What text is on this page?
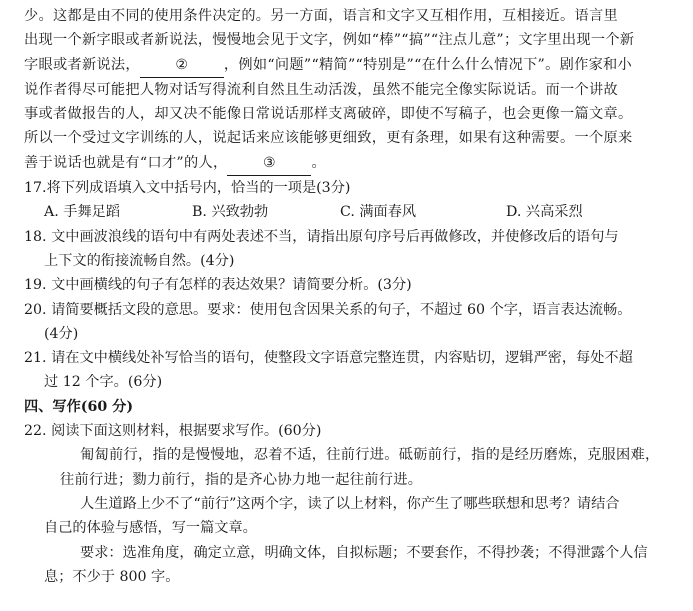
少。这都是由不同的使用条件决定的。另一方面，语言和文字又互相作用，互相接近。语言里
出现一个新字眼或者新说法，慢慢地会见于文字，例如“棒”“搞”“注点儿意”；文字里出现一个新
字眼或者新说法， ② ，例如“问题”“精简”“特别是”“在什么什么情况下”。剧作家和小
说作者得尽可能把人物对话写得流利自然且生动活泼，虽然不能完全像实际说话。而一个讲故
事或者做报告的人，却又决不能像日常说话那样支离破碎，即使不写稿子，也会更像一篇文章。
所以一个受过文字训练的人，说起话来应该能够更细致，更有条理，如果有这种需要。一个原来
善于说话也就是有“口才”的人， ③ 。
17.将下列成语填入文中括号内，恰当的一项是(3分)
A. 手舞足蹈	B. 兴致勃勃	C. 满面春风	D. 兴高采烈
18. 文中画波浪线的语句中有两处表述不当，请指出原句序号后再做修改，并使修改后的语句与
上下文的衔接流畅自然。(4分)
19. 文中画横线的句子有怎样的表达效果？请简要分析。(3分)
20. 请简要概括文段的意思。要求：使用包含因果关系的句子，不超过 60 个字，语言表达流畅。
(4分)
21. 请在文中横线处补写恰当的语句，使整段文字语意完整连贯，内容贴切，逻辑严密，每处不超
过 12 个字。(6分)
四、写作(60 分)
22. 阅读下面这则材料，根据要求写作。(60分)
匍匐前行，指的是慢慢地，忍着不适，往前行进。砥砺前行，指的是经历磨炼，克服困难，
往前行进；勠力前行，指的是齐心协力地一起往前行进。
人生道路上少不了“前行”这两个字，读了以上材料，你产生了哪些联想和思考？请结合
自己的体验与感悟，写一篇文章。
要求：选准角度，确定立意，明确文体，自拟标题；不要套作，不得抄袭；不得泄露个人信
息；不少于 800 字。
